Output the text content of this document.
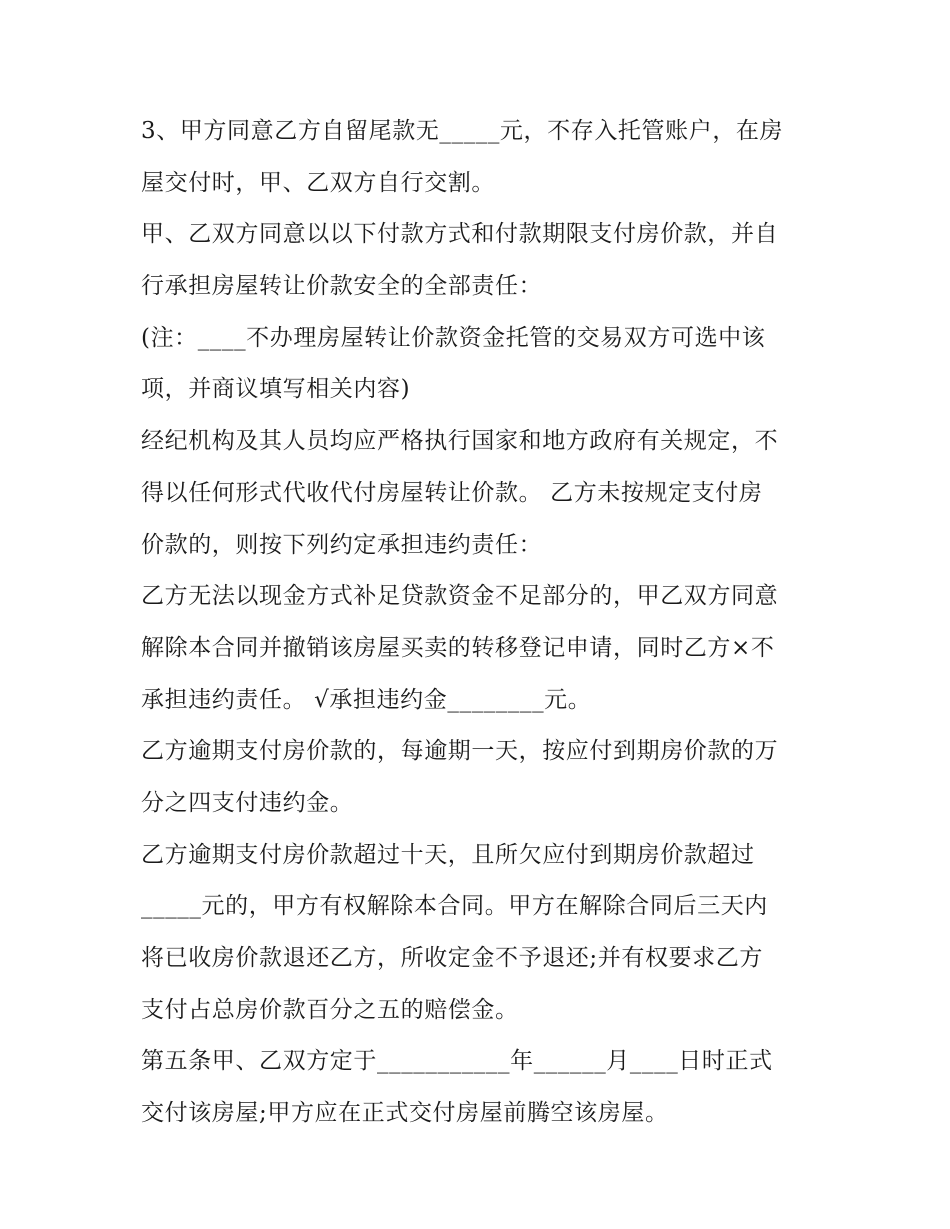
3、甲方同意乙方自留尾款无_____元，不存入托管账户，在房
屋交付时，甲、乙双方自行交割。
甲、乙双方同意以以下付款方式和付款期限支付房价款，并自
行承担房屋转让价款安全的全部责任：
(注：____不办理房屋转让价款资金托管的交易双方可选中该
项，并商议填写相关内容)
经纪机构及其人员均应严格执行国家和地方政府有关规定，不
得以任何形式代收代付房屋转让价款。 乙方未按规定支付房
价款的，则按下列约定承担违约责任：
乙方无法以现金方式补足贷款资金不足部分的，甲乙双方同意
解除本合同并撤销该房屋买卖的转移登记申请，同时乙方×不
承担违约责任。 √承担违约金________元。
乙方逾期支付房价款的，每逾期一天，按应付到期房价款的万
分之四支付违约金。
乙方逾期支付房价款超过十天，且所欠应付到期房价款超过
_____元的，甲方有权解除本合同。甲方在解除合同后三天内
将已收房价款退还乙方，所收定金不予退还;并有权要求乙方
支付占总房价款百分之五的赔偿金。
第五条甲、乙双方定于___________年______月____日时正式
交付该房屋;甲方应在正式交付房屋前腾空该房屋。
